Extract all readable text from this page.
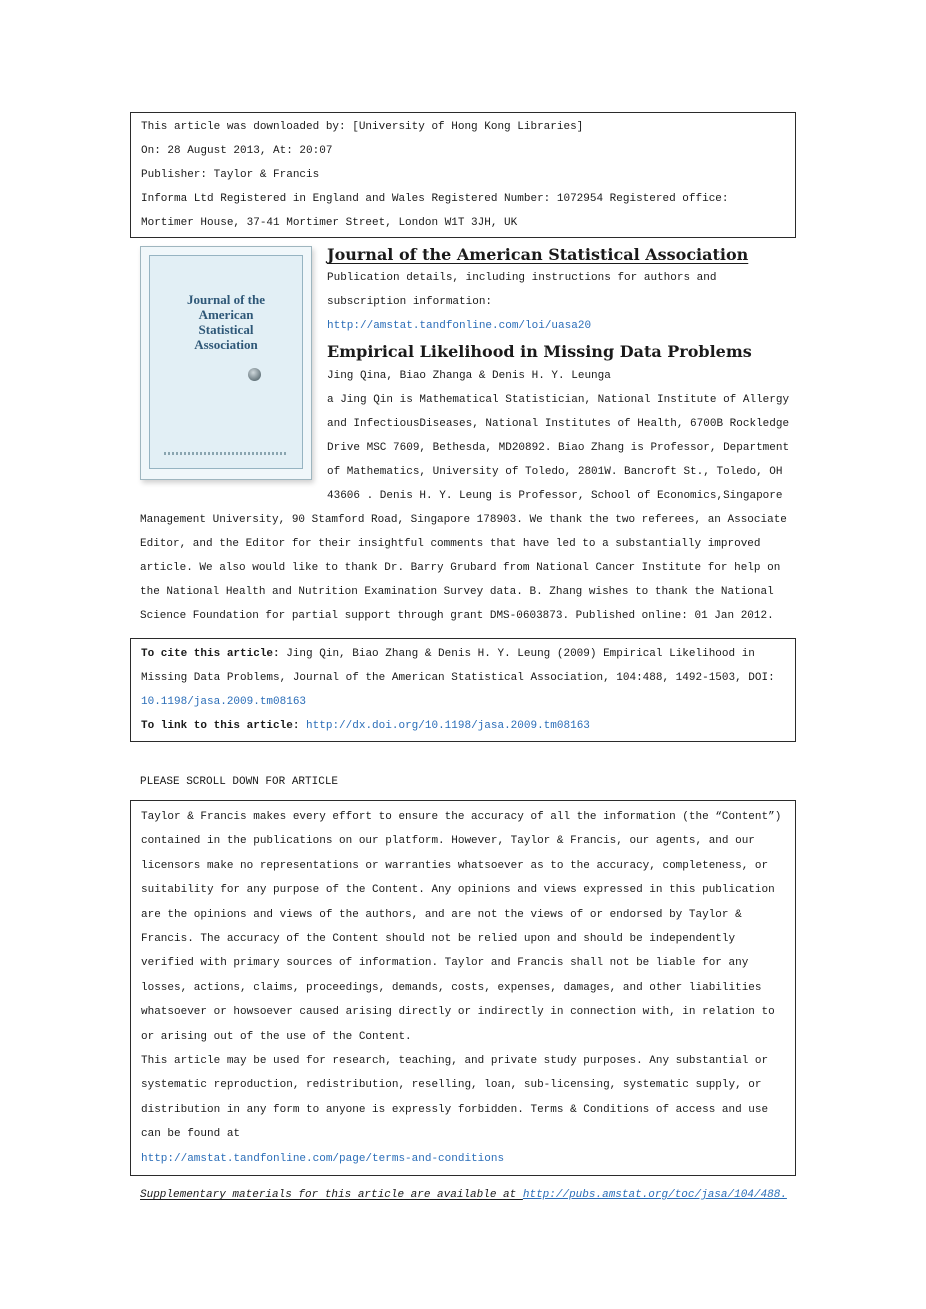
This article was downloaded by: [University of Hong Kong Libraries]
On: 28 August 2013, At: 20:07
Publisher: Taylor & Francis
Informa Ltd Registered in England and Wales Registered Number: 1072954 Registered office: Mortimer House, 37-41 Mortimer Street, London W1T 3JH, UK
Journal of the
American
Statistical
Association
Journal of the American Statistical Association
Publication details, including instructions for authors and subscription information:
http://amstat.tandfonline.com/loi/uasa20
Empirical Likelihood in Missing Data Problems
Jing Qina, Biao Zhanga & Denis H. Y. Leunga
a Jing Qin is Mathematical Statistician, National Institute of Allergy and InfectiousDiseases, National Institutes of Health, 6700B Rockledge Drive MSC 7609, Bethesda, MD20892. Biao Zhang is Professor, Department of Mathematics, University of Toledo, 2801W. Bancroft St., Toledo, OH 43606 . Denis H. Y. Leung is Professor, School of Economics,Singapore Management University, 90 Stamford Road, Singapore 178903. We thank the two referees, an Associate Editor, and the Editor for their insightful comments that have led to a substantially improved article. We also would like to thank Dr. Barry Grubard from National Cancer Institute for help on the National Health and Nutrition Examination Survey data. B. Zhang wishes to thank the National Science Foundation for partial support through grant DMS-0603873. Published online: 01 Jan 2012.
To cite this article: Jing Qin, Biao Zhang & Denis H. Y. Leung (2009) Empirical Likelihood in Missing Data Problems, Journal of the American Statistical Association, 104:488, 1492-1503, DOI: 10.1198/jasa.2009.tm08163
To link to this article: http://dx.doi.org/10.1198/jasa.2009.tm08163
PLEASE SCROLL DOWN FOR ARTICLE
Taylor & Francis makes every effort to ensure the accuracy of all the information (the “Content”) contained in the publications on our platform. However, Taylor & Francis, our agents, and our licensors make no representations or warranties whatsoever as to the accuracy, completeness, or suitability for any purpose of the Content. Any opinions and views expressed in this publication are the opinions and views of the authors, and are not the views of or endorsed by Taylor & Francis. The accuracy of the Content should not be relied upon and should be independently verified with primary sources of information. Taylor and Francis shall not be liable for any losses, actions, claims, proceedings, demands, costs, expenses, damages, and other liabilities whatsoever or howsoever caused arising directly or indirectly in connection with, in relation to or arising out of the use of the Content.
This article may be used for research, teaching, and private study purposes. Any substantial or systematic reproduction, redistribution, reselling, loan, sub-licensing, systematic supply, or distribution in any form to anyone is expressly forbidden. Terms & Conditions of access and use can be found at
http://amstat.tandfonline.com/page/terms-and-conditions
Supplementary materials for this article are available at http://pubs.amstat.org/toc/jasa/104/488.
